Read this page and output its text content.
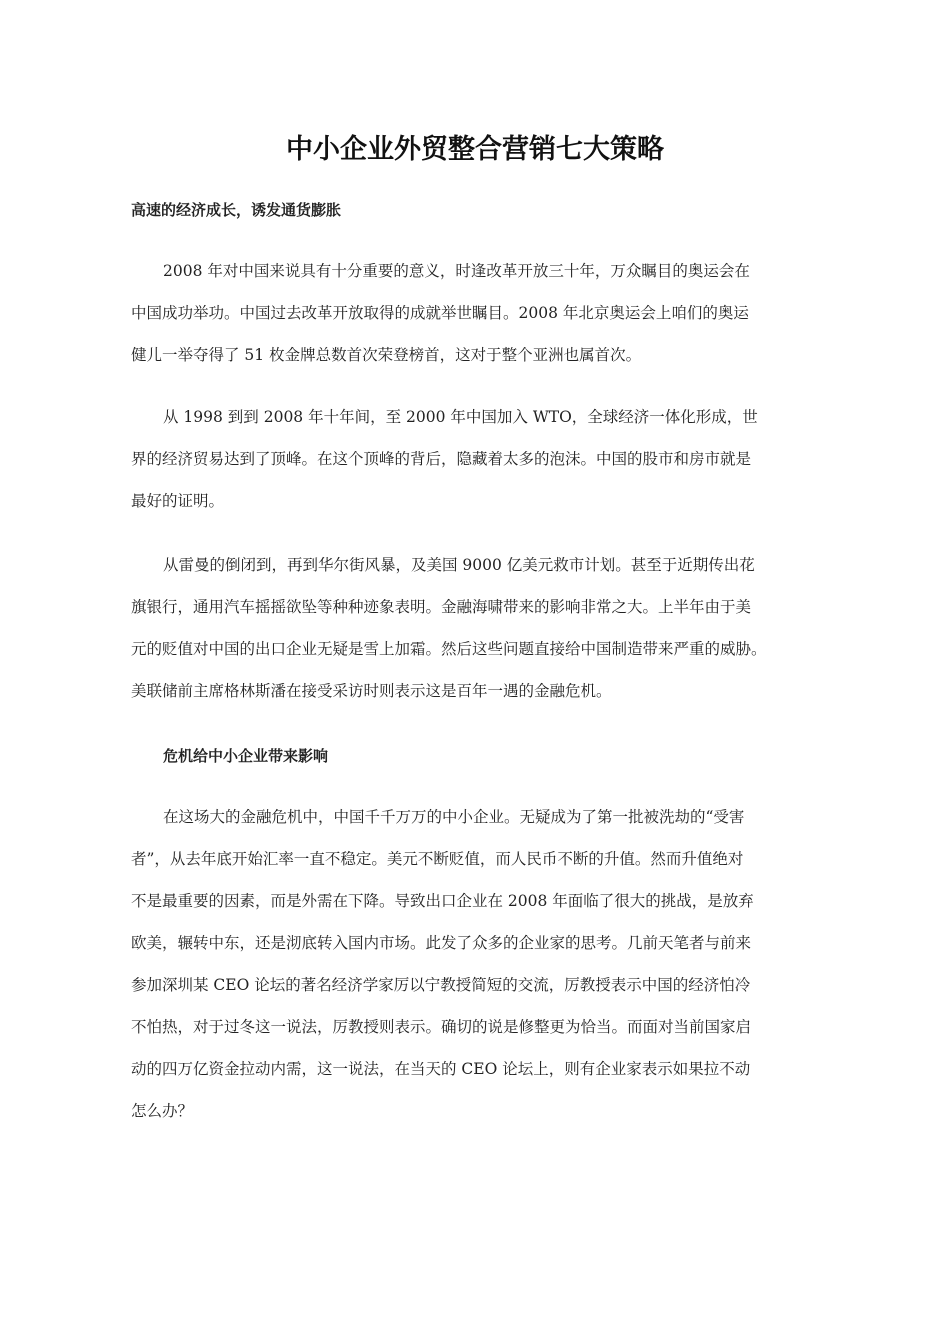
中小企业外贸整合营销七大策略
高速的经济成长，诱发通货膨胀
2008 年对中国来说具有十分重要的意义，时逢改革开放三十年，万众瞩目的奥运会在
中国成功举功。中国过去改革开放取得的成就举世瞩目。2008 年北京奥运会上咱们的奥运
健儿一举夺得了 51 枚金牌总数首次荣登榜首，这对于整个亚洲也属首次。
从 1998 到到 2008 年十年间，至 2000 年中国加入 WTO，全球经济一体化形成，世
界的经济贸易达到了顶峰。在这个顶峰的背后，隐藏着太多的泡沫。中国的股市和房市就是
最好的证明。
从雷曼的倒闭到，再到华尔街风暴，及美国 9000 亿美元救市计划。甚至于近期传出花
旗银行，通用汽车摇摇欲坠等种种迹象表明。金融海啸带来的影响非常之大。上半年由于美
元的贬值对中国的出口企业无疑是雪上加霜。然后这些问题直接给中国制造带来严重的威胁。
美联储前主席格林斯潘在接受采访时则表示这是百年一遇的金融危机。
危机给中小企业带来影响
在这场大的金融危机中，中国千千万万的中小企业。无疑成为了第一批被洗劫的“受害
者”，从去年底开始汇率一直不稳定。美元不断贬值，而人民币不断的升值。然而升值绝对
不是最重要的因素，而是外需在下降。导致出口企业在 2008 年面临了很大的挑战，是放弃
欧美，辗转中东，还是沏底转入国内市场。此发了众多的企业家的思考。几前天笔者与前来
参加深圳某 CEO 论坛的著名经济学家厉以宁教授简短的交流，厉教授表示中国的经济怕冷
不怕热，对于过冬这一说法，厉教授则表示。确切的说是修整更为恰当。而面对当前国家启
动的四万亿资金拉动内需，这一说法，在当天的 CEO 论坛上，则有企业家表示如果拉不动
怎么办？
